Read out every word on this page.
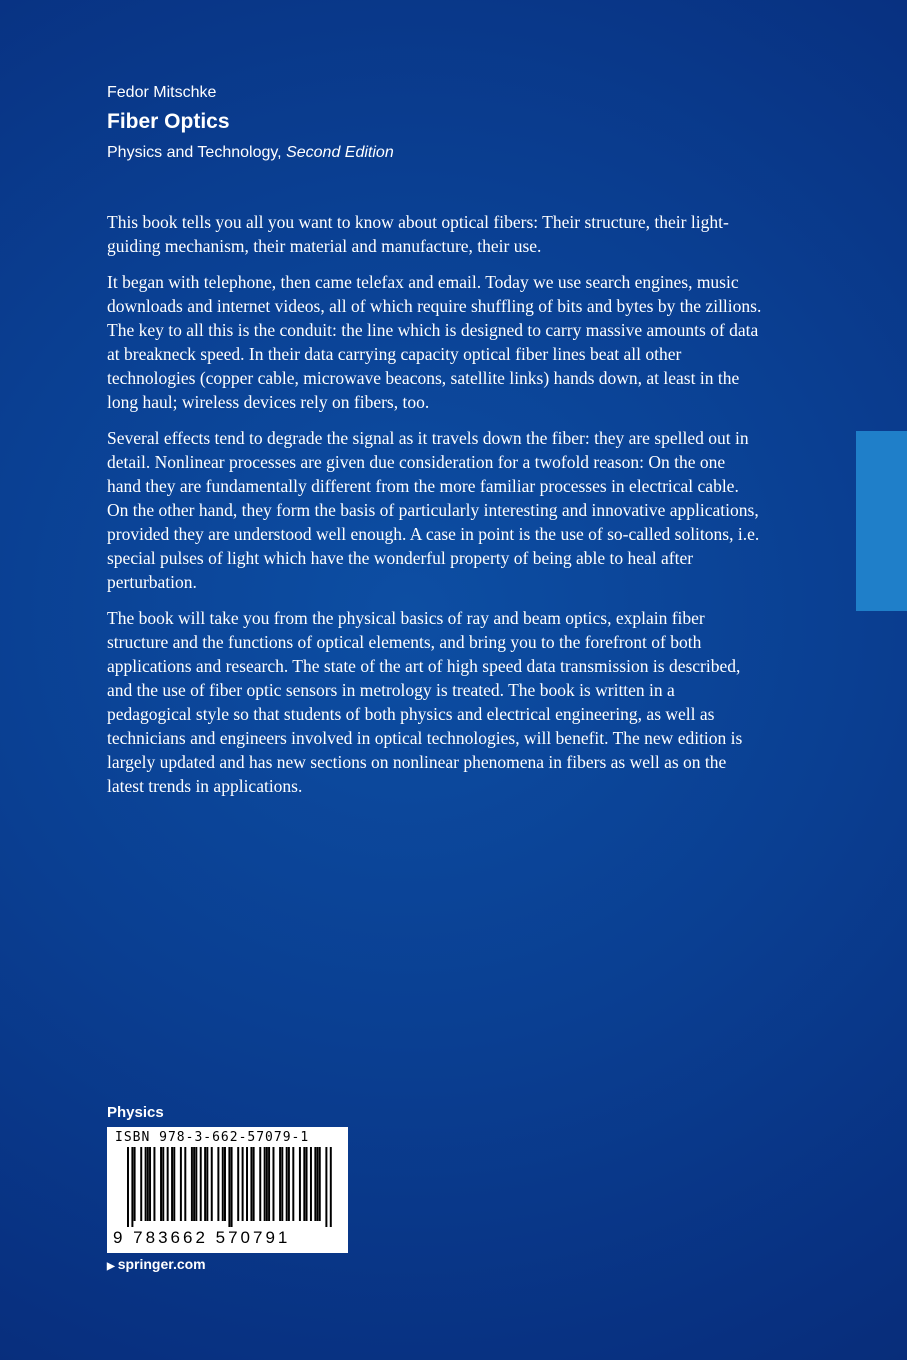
Fedor Mitschke
Fiber Optics
Physics and Technology, Second Edition

This book tells you all you want to know about optical fibers: Their structure, their light-guiding mechanism, their material and manufacture, their use.

It began with telephone, then came telefax and email. Today we use search engines, music downloads and internet videos, all of which require shuffling of bits and bytes by the zillions. The key to all this is the conduit: the line which is designed to carry massive amounts of data at breakneck speed. In their data carrying capacity optical fiber lines beat all other technologies (copper cable, microwave beacons, satellite links) hands down, at least in the long haul; wireless devices rely on fibers, too.

Several effects tend to degrade the signal as it travels down the fiber: they are spelled out in detail. Nonlinear processes are given due consideration for a twofold reason: On the one hand they are fundamentally different from the more familiar processes in electrical cable. On the other hand, they form the basis of particularly interesting and innovative applications, provided they are understood well enough. A case in point is the use of so-called solitons, i.e. special pulses of light which have the wonderful property of being able to heal after perturbation.

The book will take you from the physical basics of ray and beam optics, explain fiber structure and the functions of optical elements, and bring you to the forefront of both applications and research. The state of the art of high speed data transmission is described, and the use of fiber optic sensors in metrology is treated. The book is written in a pedagogical style so that students of both physics and electrical engineering, as well as technicians and engineers involved in optical technologies, will benefit. The new edition is largely updated and has new sections on nonlinear phenomena in fibers as well as on the latest trends in applications.

Physics
ISBN 978-3-662-57079-1
9 783662 570791
▶ springer.com
